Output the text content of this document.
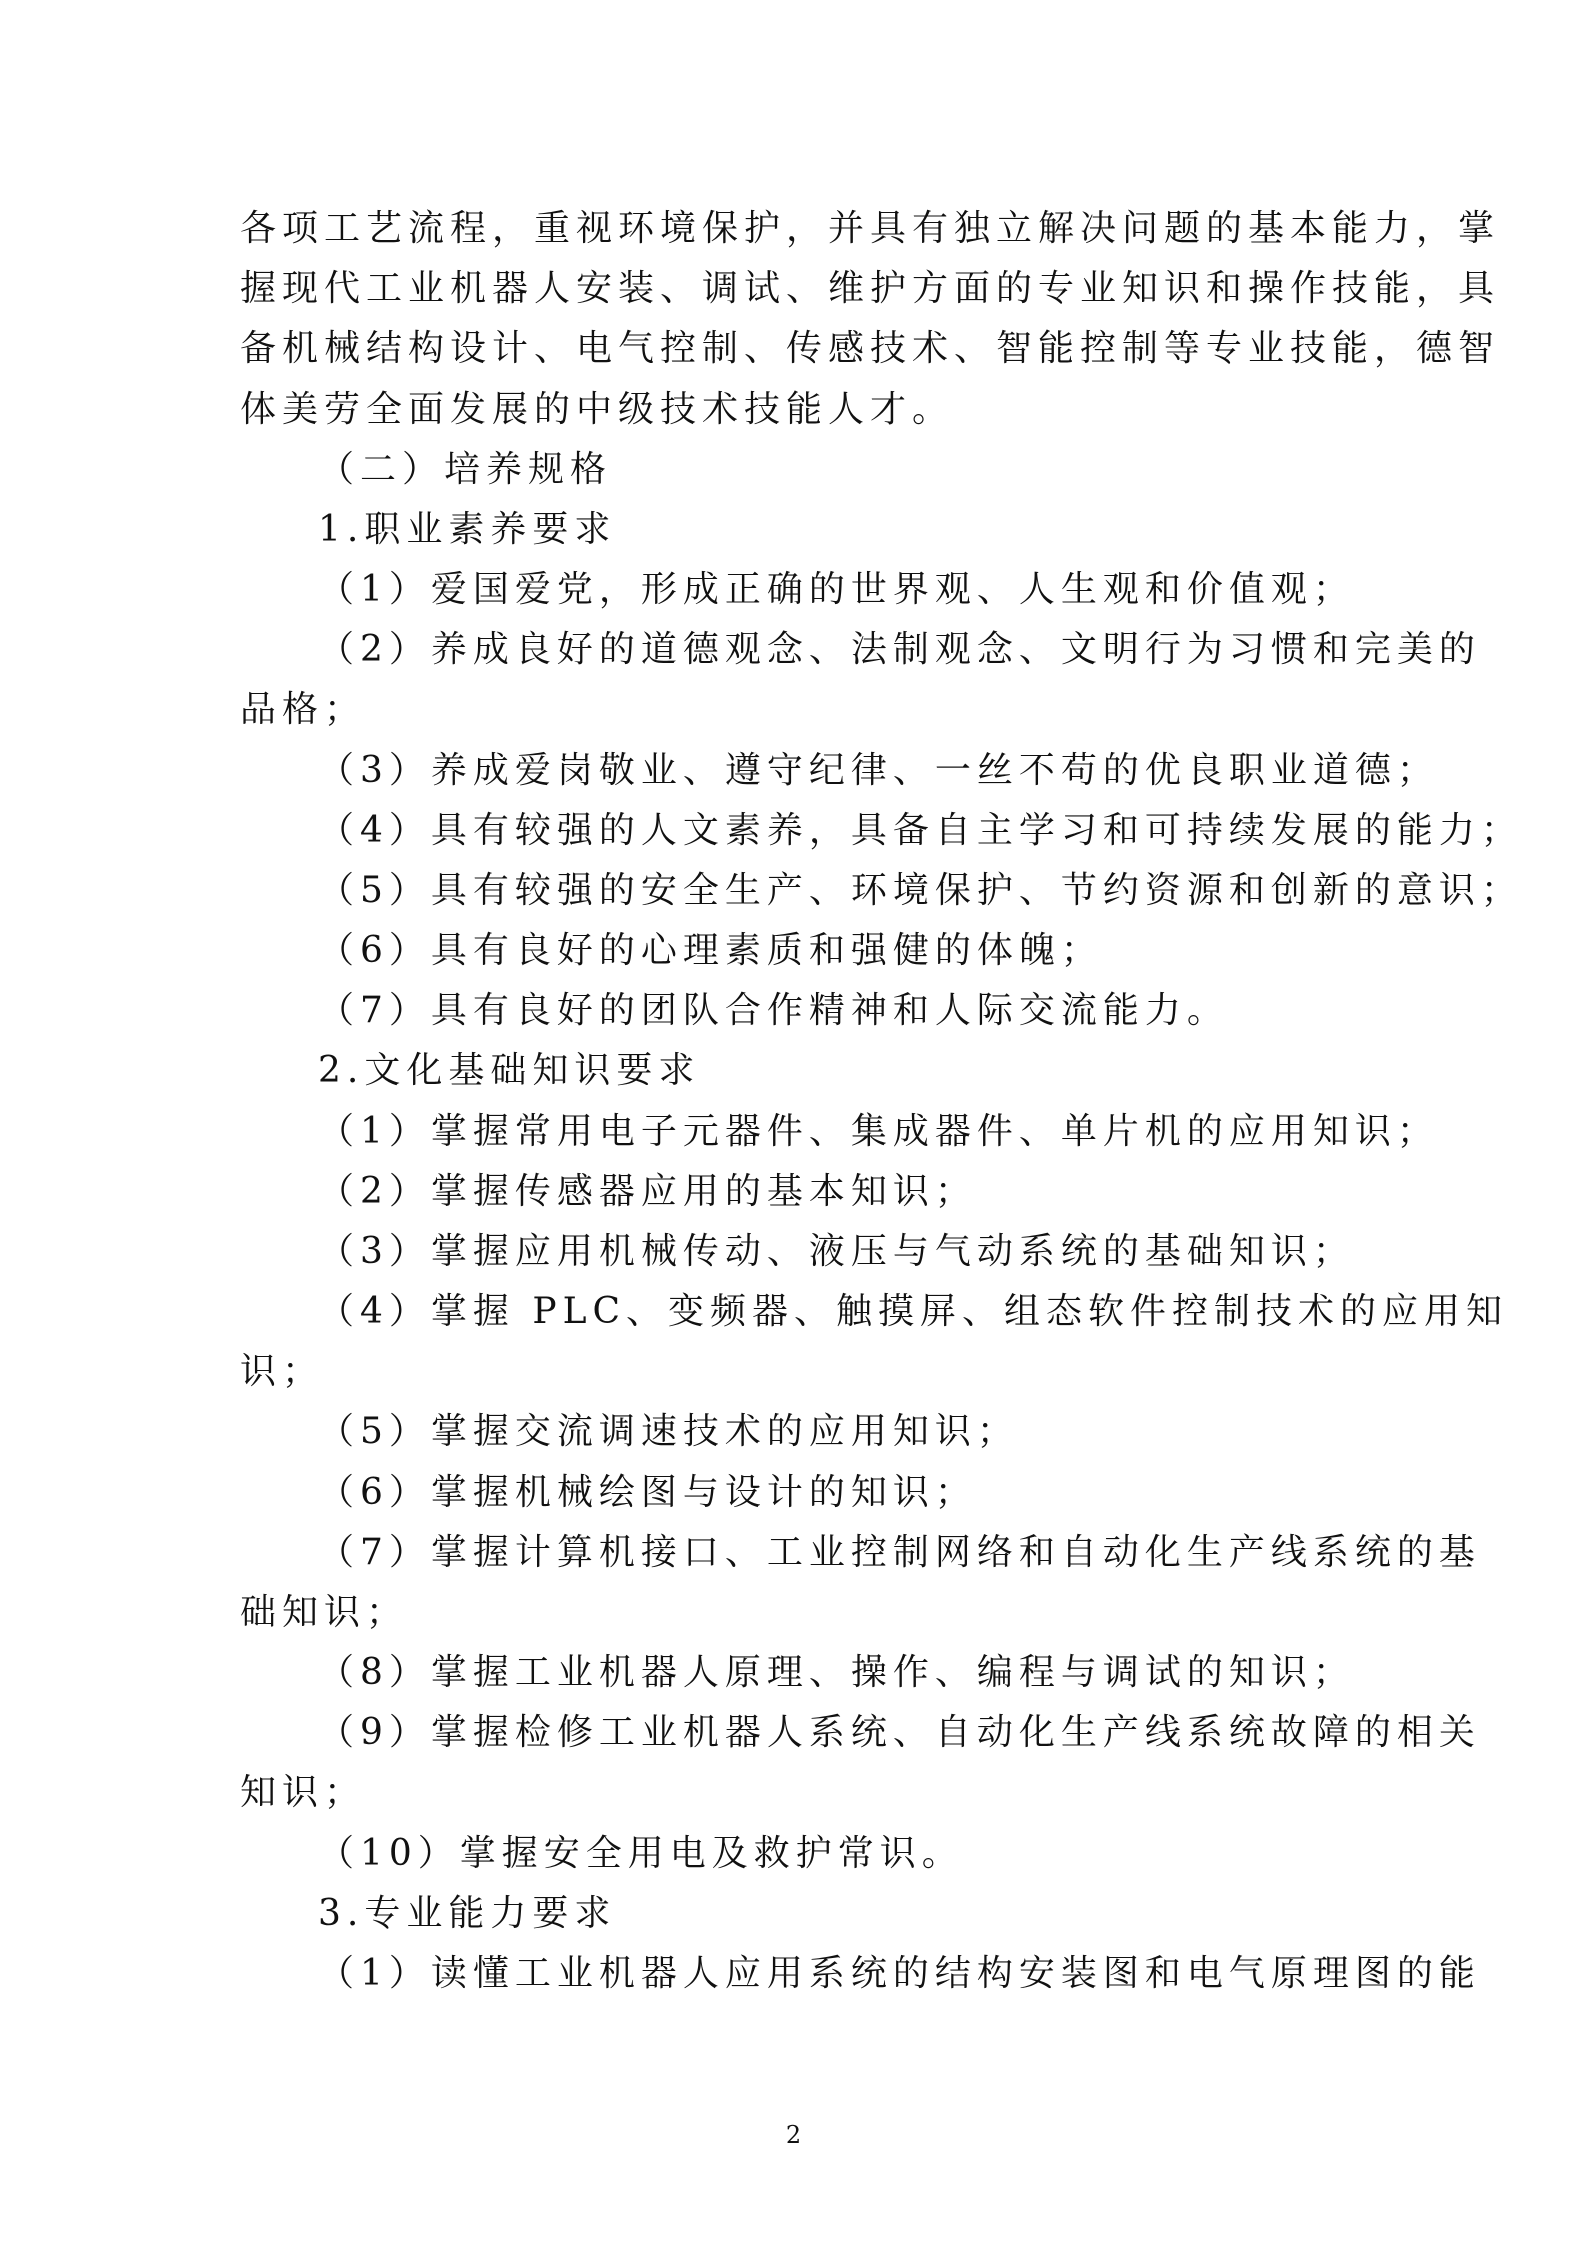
各项工艺流程，重视环境保护，并具有独立解决问题的基本能力，掌
握现代工业机器人安装、调试、维护方面的专业知识和操作技能，具
备机械结构设计、电气控制、传感技术、智能控制等专业技能，德智
体美劳全面发展的中级技术技能人才。
（二）培养规格
1.职业素养要求
（1）爱国爱党，形成正确的世界观、人生观和价值观；
（2）养成良好的道德观念、法制观念、文明行为习惯和完美的
品格；
（3）养成爱岗敬业、遵守纪律、一丝不苟的优良职业道德；
（4）具有较强的人文素养，具备自主学习和可持续发展的能力；
（5）具有较强的安全生产、环境保护、节约资源和创新的意识；
（6）具有良好的心理素质和强健的体魄；
（7）具有良好的团队合作精神和人际交流能力。
2.文化基础知识要求
（1）掌握常用电子元器件、集成器件、单片机的应用知识；
（2）掌握传感器应用的基本知识；
（3）掌握应用机械传动、液压与气动系统的基础知识；
（4）掌握 PLC、变频器、触摸屏、组态软件控制技术的应用知
识；
（5）掌握交流调速技术的应用知识；
（6）掌握机械绘图与设计的知识；
（7）掌握计算机接口、工业控制网络和自动化生产线系统的基
础知识；
（8）掌握工业机器人原理、操作、编程与调试的知识；
（9）掌握检修工业机器人系统、自动化生产线系统故障的相关
知识；
（10）掌握安全用电及救护常识。
3.专业能力要求
（1）读懂工业机器人应用系统的结构安装图和电气原理图的能
2
